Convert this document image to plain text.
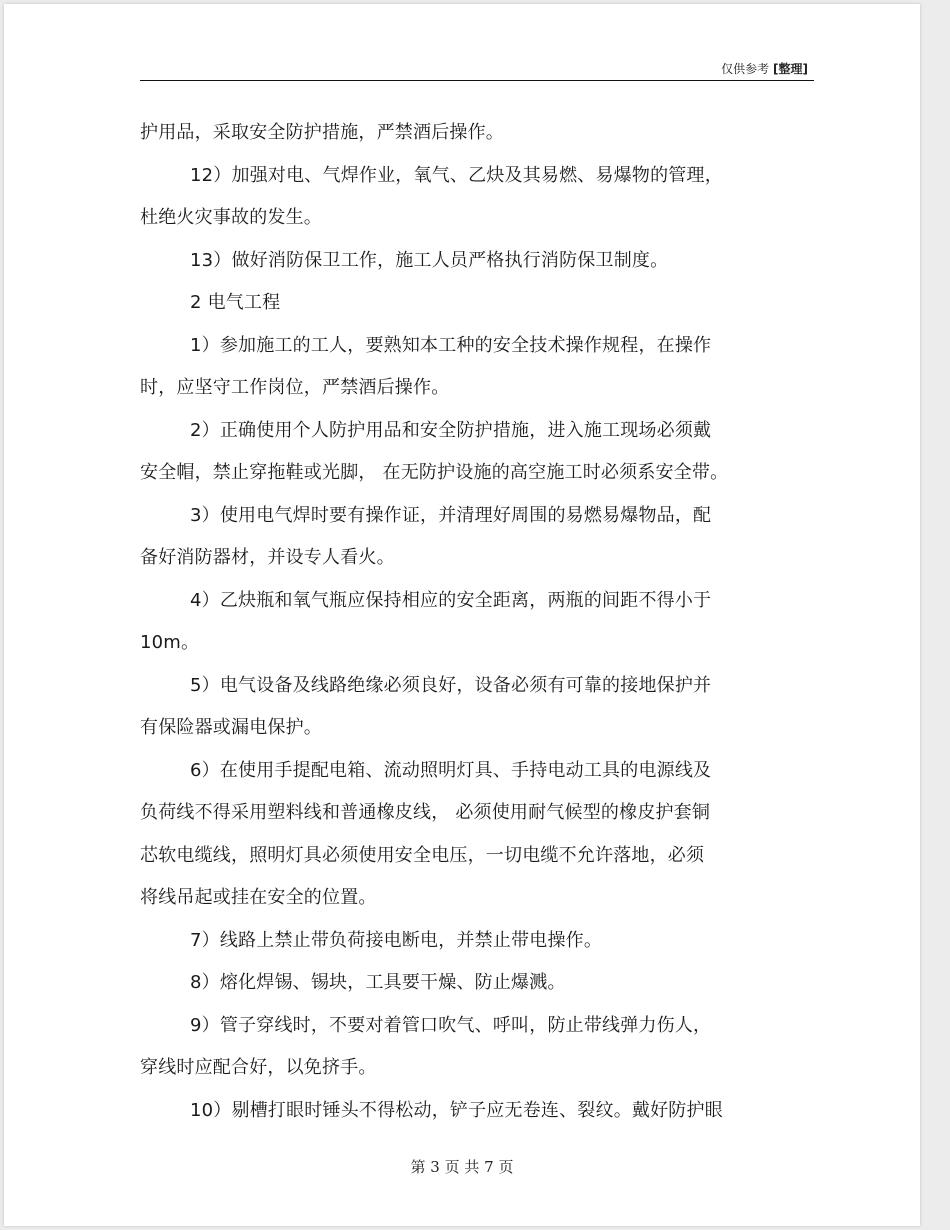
仅供参考 [整理]
护用品，采取安全防护措施，严禁酒后操作。
12）加强对电、气焊作业，氧气、乙炔及其易燃、易爆物的管理，
杜绝火灾事故的发生。
13）做好消防保卫工作，施工人员严格执行消防保卫制度。
2 电气工程
1）参加施工的工人，要熟知本工种的安全技术操作规程，在操作
时，应坚守工作岗位，严禁酒后操作。
2）正确使用个人防护用品和安全防护措施，进入施工现场必须戴
安全帽，禁止穿拖鞋或光脚， 在无防护设施的高空施工时必须系安全带。
3）使用电气焊时要有操作证，并清理好周围的易燃易爆物品，配
备好消防器材，并设专人看火。
4）乙炔瓶和氧气瓶应保持相应的安全距离，两瓶的间距不得小于
10m。
5）电气设备及线路绝缘必须良好，设备必须有可靠的接地保护并
有保险器或漏电保护。
6）在使用手提配电箱、流动照明灯具、手持电动工具的电源线及
负荷线不得采用塑料线和普通橡皮线， 必须使用耐气候型的橡皮护套铜
芯软电缆线，照明灯具必须使用安全电压，一切电缆不允许落地，必须
将线吊起或挂在安全的位置。
7）线路上禁止带负荷接电断电，并禁止带电操作。
8）熔化焊锡、锡块，工具要干燥、防止爆溅。
9）管子穿线时，不要对着管口吹气、呼叫，防止带线弹力伤人，
穿线时应配合好，以免挤手。
10）剔槽打眼时锤头不得松动，铲子应无卷连、裂纹。戴好防护眼
第 3 页 共 7 页
